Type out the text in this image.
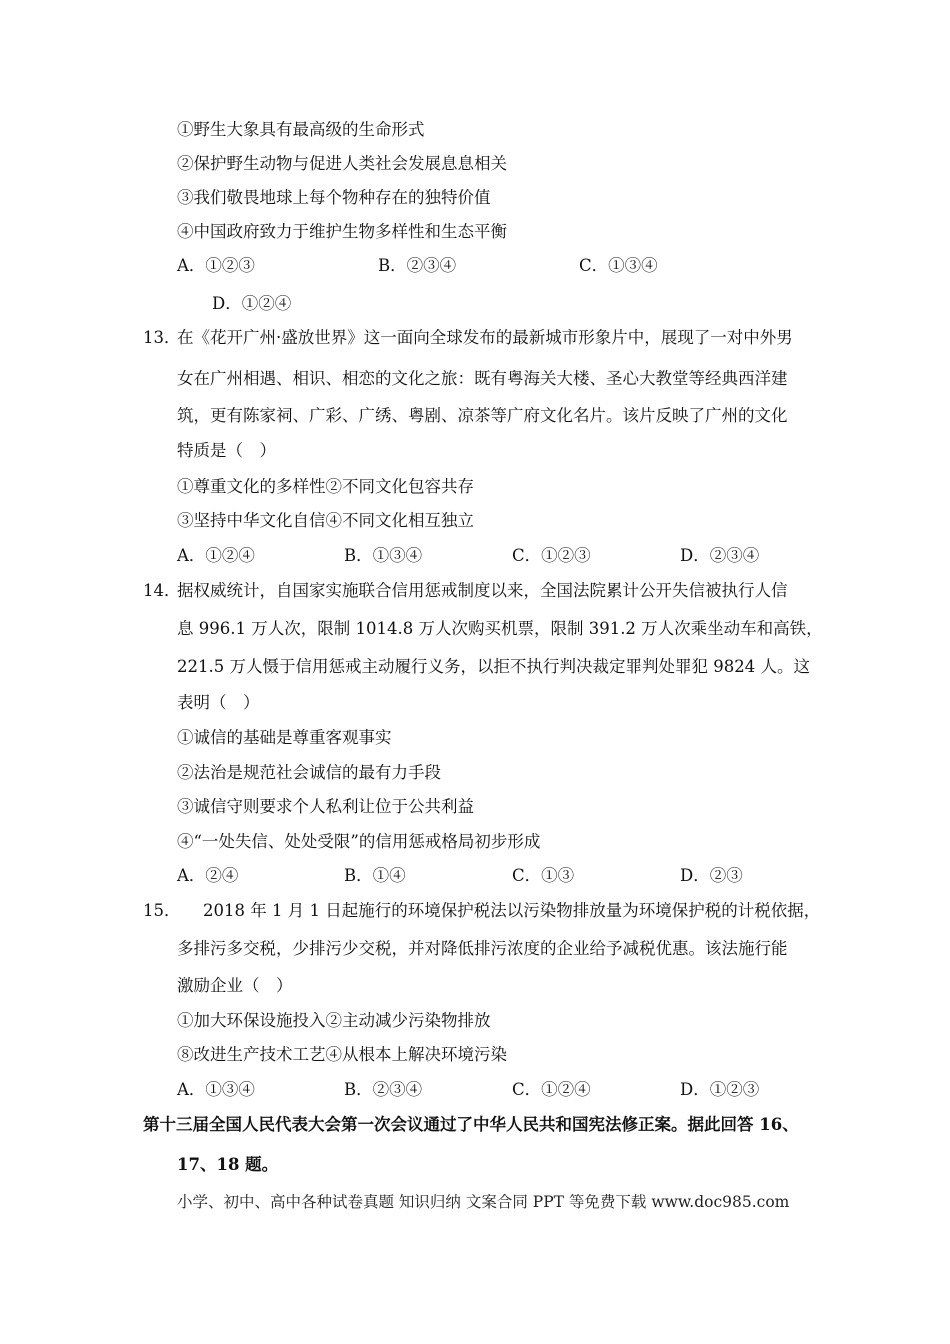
①野生大象具有最高级的生命形式
②保护野生动物与促进人类社会发展息息相关
③我们敬畏地球上每个物种存在的独特价值
④中国政府致力于维护生物多样性和生态平衡
A．①②③	B．②③④	C．①③④
D．①②④
13．
在《花开广州·盛放世界》这一面向全球发布的最新城市形象片中，展现了一对中外男
女在广州相遇、相识、相恋的文化之旅：既有粤海关大楼、圣心大教堂等经典西洋建
筑，更有陈家祠、广彩、广绣、粤剧、凉茶等广府文化名片。该片反映了广州的文化
特质是（　）
①尊重文化的多样性②不同文化包容共存
③坚持中华文化自信④不同文化相互独立
A．①②④	B．①③④	C．①②③	D．②③④
14．
据权威统计，自国家实施联合信用惩戒制度以来，全国法院累计公开失信被执行人信
息 996.1 万人次，限制 1014.8 万人次购买机票，限制 391.2 万人次乘坐动车和高铁，
221.5 万人慑于信用惩戒主动履行义务，以拒不执行判决裁定罪判处罪犯 9824 人。这
表明（　）
①诚信的基础是尊重客观事实
②法治是规范社会诚信的最有力手段
③诚信守则要求个人私利让位于公共利益
④“一处失信、处处受限”的信用惩戒格局初步形成
A．②④	B．①④	C．①③	D．②③
15． 2018 年 1 月 1 日起施行的环境保护税法以污染物排放量为环境保护税的计税依据，
多排污多交税，少排污少交税，并对降低排污浓度的企业给予减税优惠。该法施行能
激励企业（　）
①加大环保设施投入②主动减少污染物排放
⑧改进生产技术工艺④从根本上解决环境污染
A．①③④	B．②③④	C．①②④	D．①②③
第十三届全国人民代表大会第一次会议通过了中华人民共和国宪法修正案。据此回答 16、
17、18 题。
小学、初中、高中各种试卷真题 知识归纳 文案合同 PPT 等免费下载 www.doc985.com
